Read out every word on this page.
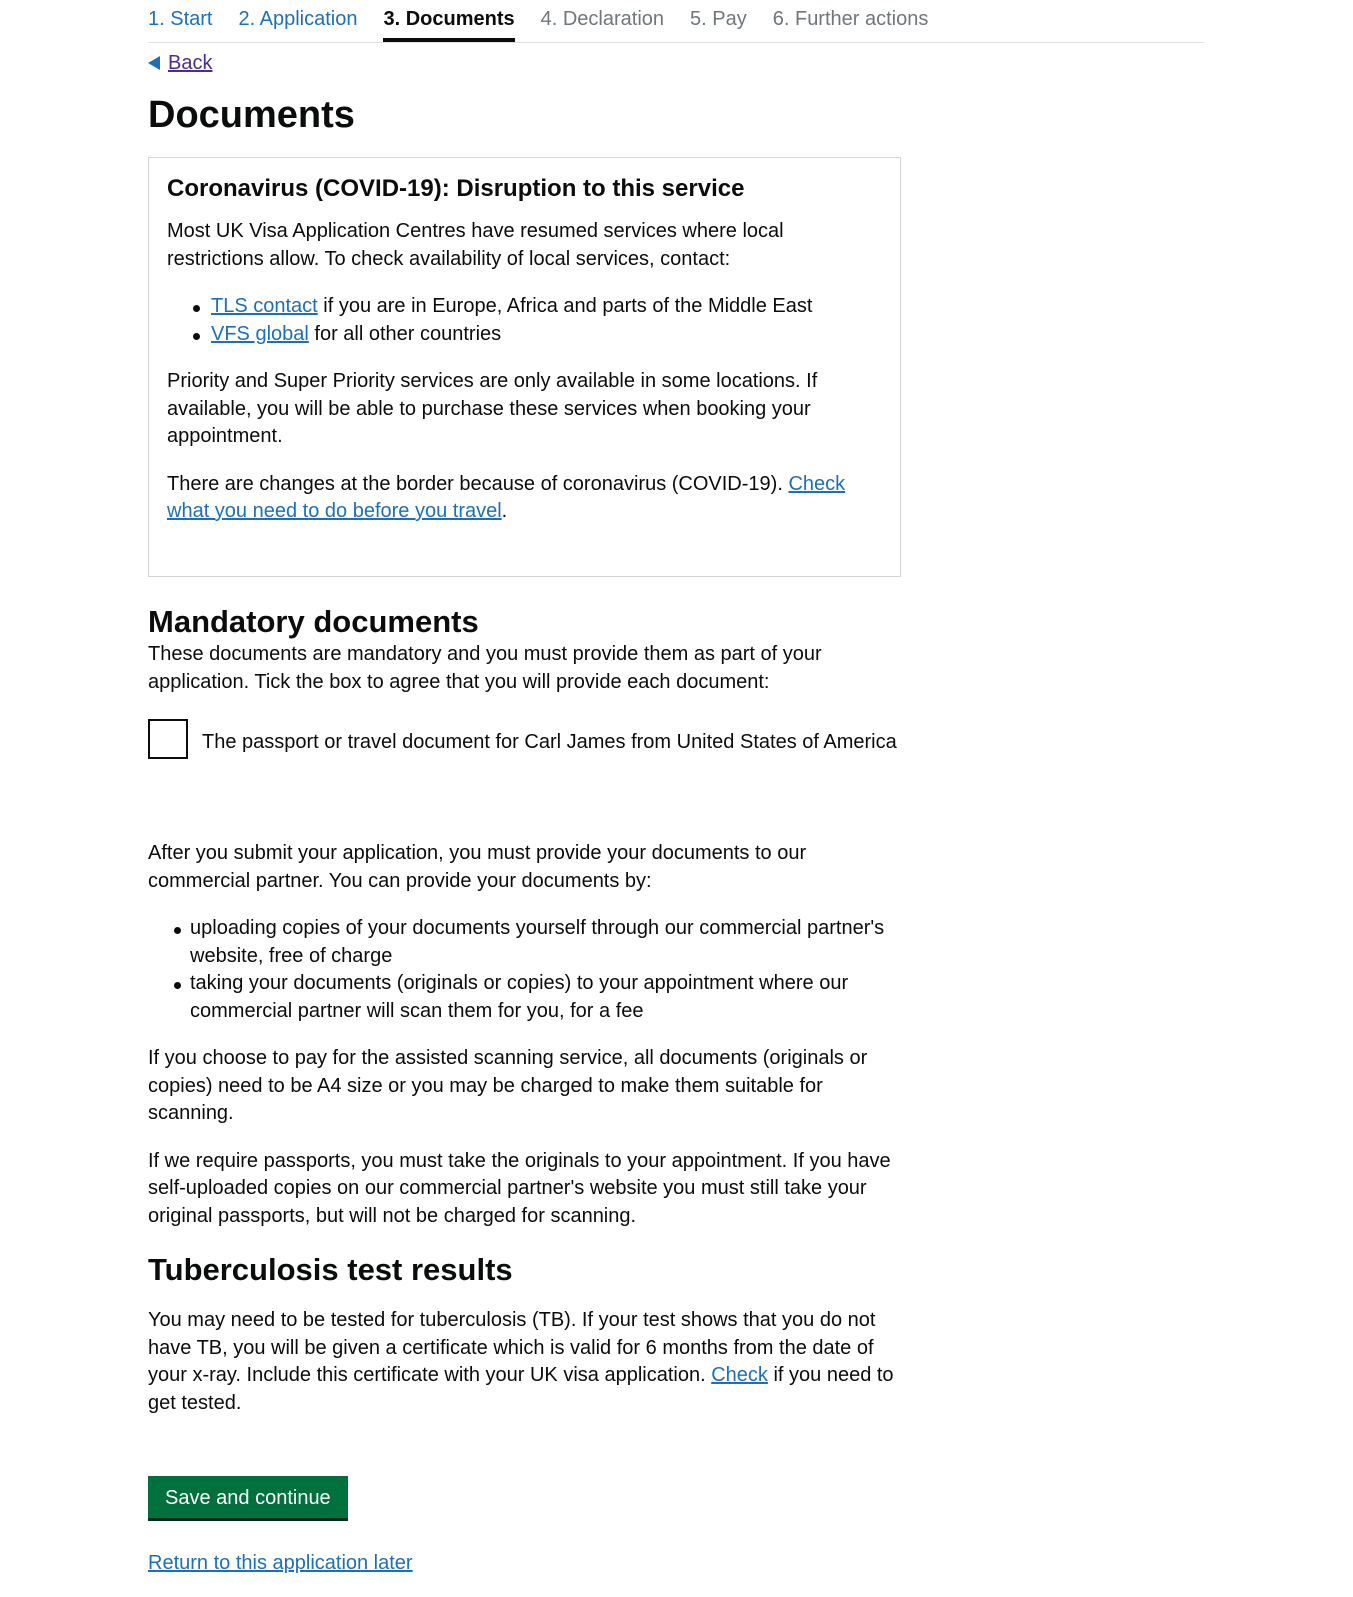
1. Start 2. Application 3. Documents 4. Declaration 5. Pay 6. Further actions
Back
Documents
Coronavirus (COVID-19): Disruption to this service

Most UK Visa Application Centres have resumed services where local restrictions allow. To check availability of local services, contact:

TLS contact if you are in Europe, Africa and parts of the Middle East
VFS global for all other countries

Priority and Super Priority services are only available in some locations. If available, you will be able to purchase these services when booking your appointment.

There are changes at the border because of coronavirus (COVID-19). Check what you need to do before you travel.

Mandatory documents

These documents are mandatory and you must provide them as part of your application. Tick the box to agree that you will provide each document:

The passport or travel document for Carl James from United States of America

After you submit your application, you must provide your documents to our commercial partner. You can provide your documents by:

uploading copies of your documents yourself through our commercial partner's website, free of charge
taking your documents (originals or copies) to your appointment where our commercial partner will scan them for you, for a fee

If you choose to pay for the assisted scanning service, all documents (originals or copies) need to be A4 size or you may be charged to make them suitable for scanning.

If we require passports, you must take the originals to your appointment. If you have self-uploaded copies on our commercial partner's website you must still take your original passports, but will not be charged for scanning.

Tuberculosis test results

You may need to be tested for tuberculosis (TB). If your test shows that you do not have TB, you will be given a certificate which is valid for 6 months from the date of your x-ray. Include this certificate with your UK visa application. Check if you need to get tested.

Save and continue
Return to this application later
